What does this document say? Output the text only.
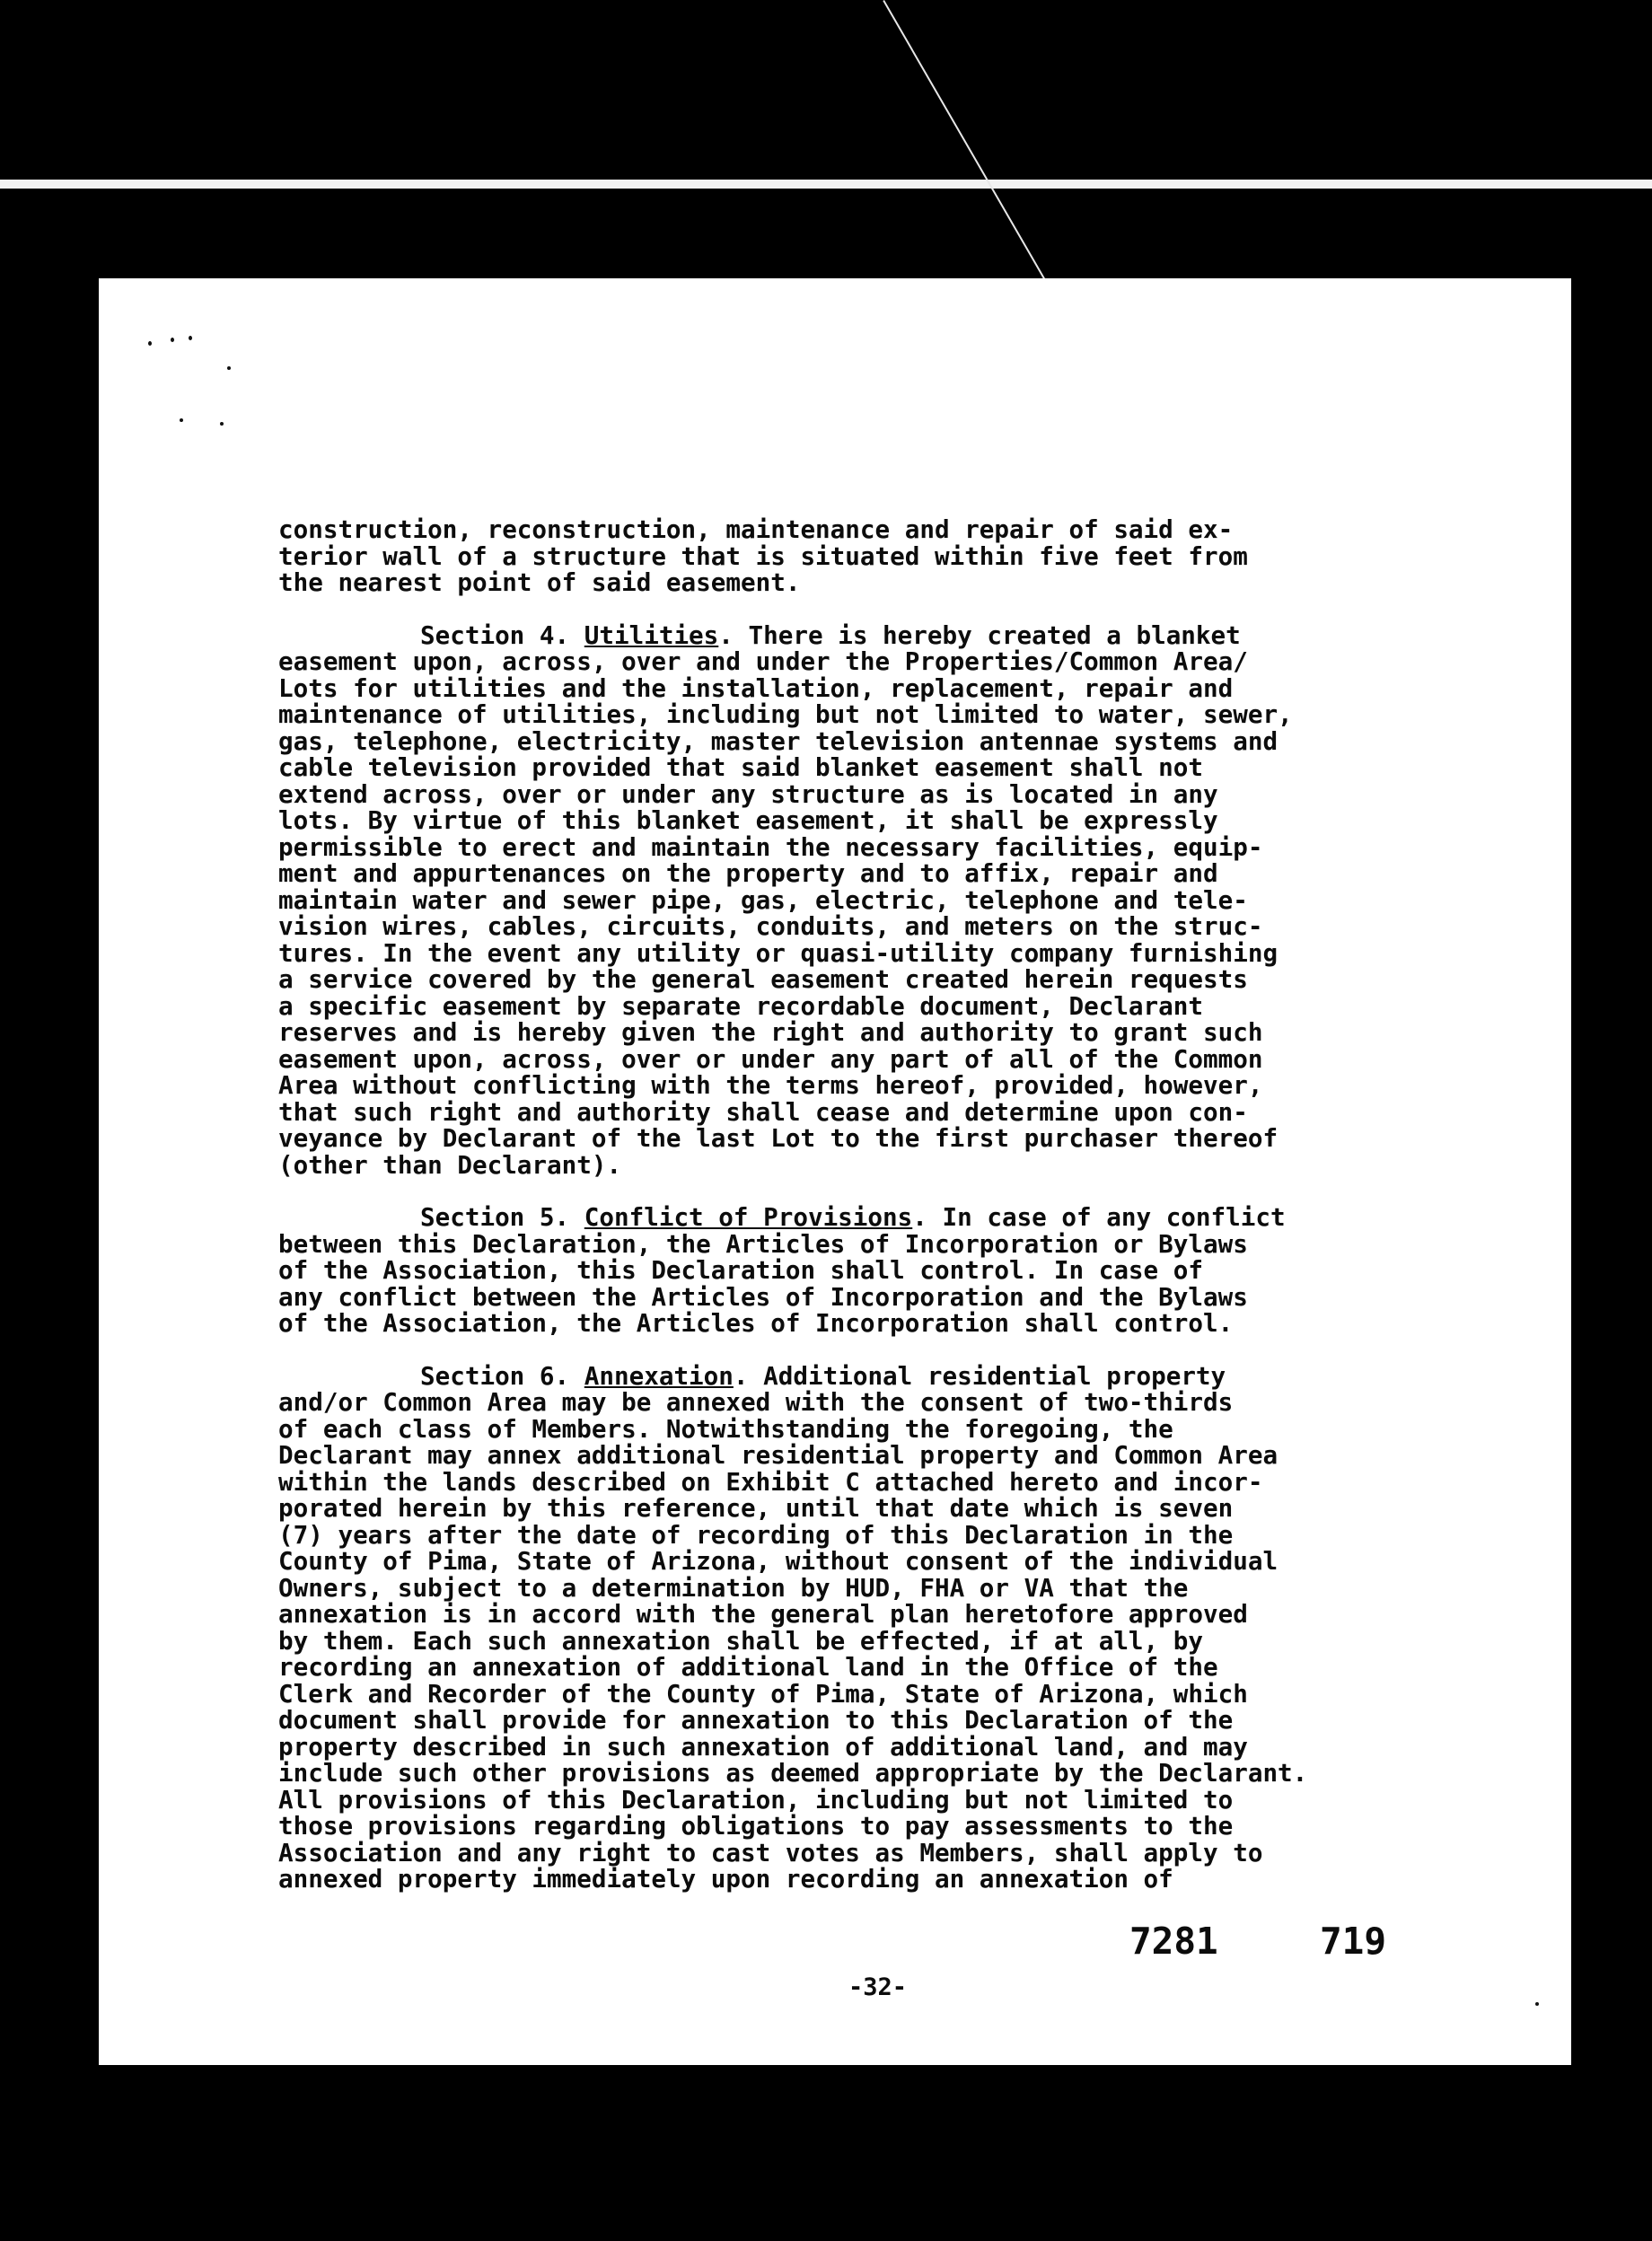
construction, reconstruction, maintenance and repair of said ex-
terior wall of a structure that is situated within five feet from
the nearest point of said easement.

Section 4. Utilities. There is hereby created a blanket
easement upon, across, over and under the Properties/Common Area/
Lots for utilities and the installation, replacement, repair and
maintenance of utilities, including but not limited to water, sewer,
gas, telephone, electricity, master television antennae systems and
cable television provided that said blanket easement shall not
extend across, over or under any structure as is located in any
lots. By virtue of this blanket easement, it shall be expressly
permissible to erect and maintain the necessary facilities, equip-
ment and appurtenances on the property and to affix, repair and
maintain water and sewer pipe, gas, electric, telephone and tele-
vision wires, cables, circuits, conduits, and meters on the struc-
tures. In the event any utility or quasi-utility company furnishing
a service covered by the general easement created herein requests
a specific easement by separate recordable document, Declarant
reserves and is hereby given the right and authority to grant such
easement upon, across, over or under any part of all of the Common
Area without conflicting with the terms hereof, provided, however,
that such right and authority shall cease and determine upon con-
veyance by Declarant of the last Lot to the first purchaser thereof
(other than Declarant).

Section 5. Conflict of Provisions. In case of any conflict
between this Declaration, the Articles of Incorporation or Bylaws
of the Association, this Declaration shall control. In case of
any conflict between the Articles of Incorporation and the Bylaws
of the Association, the Articles of Incorporation shall control.

Section 6. Annexation. Additional residential property
and/or Common Area may be annexed with the consent of two-thirds
of each class of Members. Notwithstanding the foregoing, the
Declarant may annex additional residential property and Common Area
within the lands described on Exhibit C attached hereto and incor-
porated herein by this reference, until that date which is seven
(7) years after the date of recording of this Declaration in the
County of Pima, State of Arizona, without consent of the individual
Owners, subject to a determination by HUD, FHA or VA that the
annexation is in accord with the general plan heretofore approved
by them. Each such annexation shall be effected, if at all, by
recording an annexation of additional land in the Office of the
Clerk and Recorder of the County of Pima, State of Arizona, which
document shall provide for annexation to this Declaration of the
property described in such annexation of additional land, and may
include such other provisions as deemed appropriate by the Declarant.
All provisions of this Declaration, including but not limited to
those provisions regarding obligations to pay assessments to the
Association and any right to cast votes as Members, shall apply to
annexed property immediately upon recording an annexation of

7281	719
-32-
